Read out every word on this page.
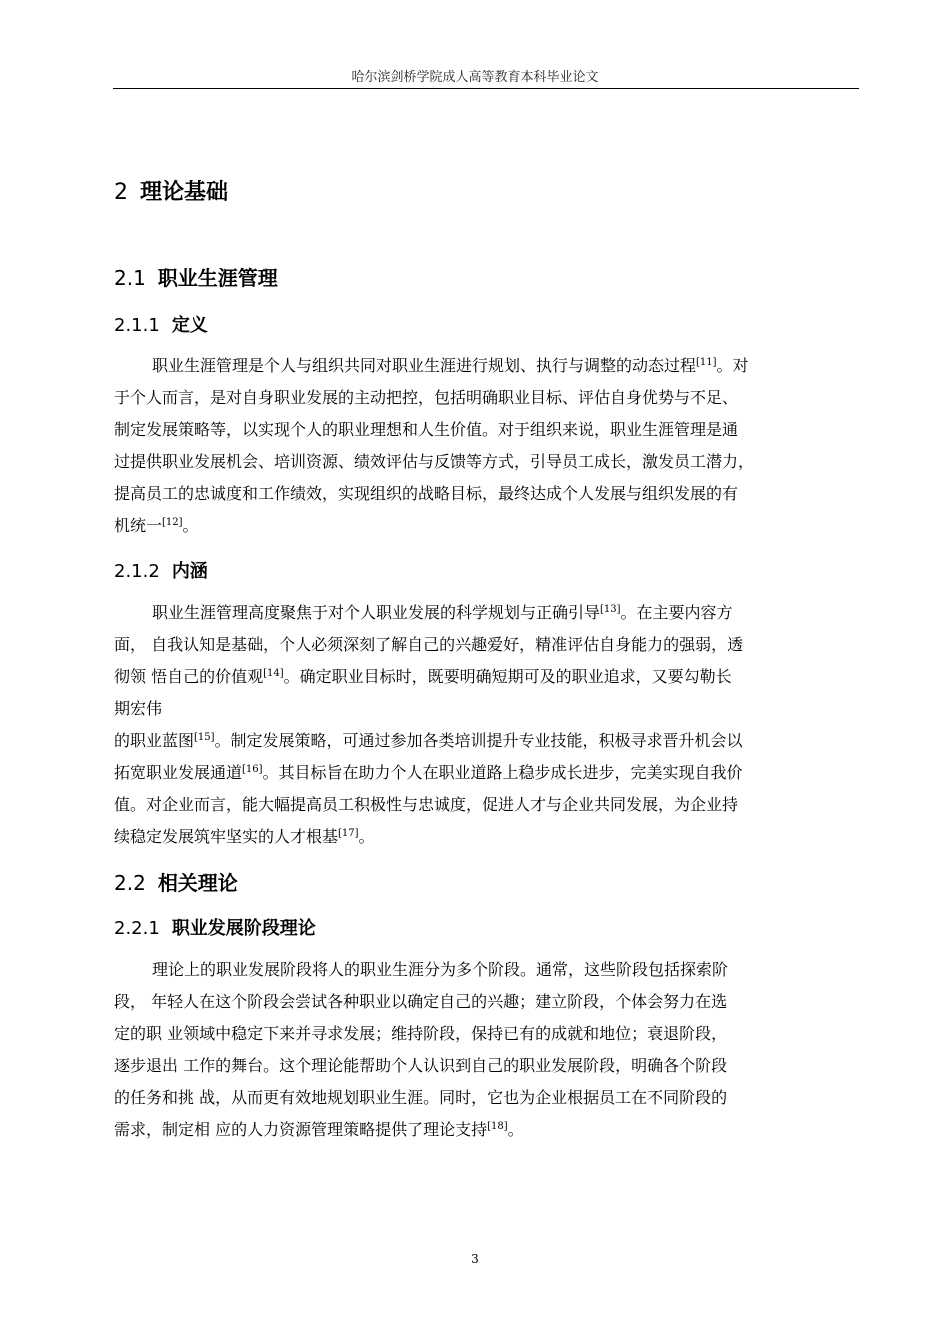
哈尔滨剑桥学院成人高等教育本科毕业论文
2 理论基础
2.1 职业生涯管理
2.1.1 定义
职业生涯管理是个人与组织共同对职业生涯进行规划、执行与调整的动态过程[11]。对
于个人而言，是对自身职业发展的主动把控，包括明确职业目标、评估自身优势与不足、
制定发展策略等，以实现个人的职业理想和人生价值。对于组织来说，职业生涯管理是通
过提供职业发展机会、培训资源、绩效评估与反馈等方式，引导员工成长，激发员工潜力，
提高员工的忠诚度和工作绩效，实现组织的战略目标，最终达成个人发展与组织发展的有
机统一[12]。
2.1.2 内涵
职业生涯管理高度聚焦于对个人职业发展的科学规划与正确引导[13]。在主要内容方
面， 自我认知是基础，个人必须深刻了解自己的兴趣爱好，精准评估自身能力的强弱，透
彻领 悟自己的价值观[14]。确定职业目标时，既要明确短期可及的职业追求，又要勾勒长
期宏伟
的职业蓝图[15]。制定发展策略，可通过参加各类培训提升专业技能，积极寻求晋升机会以
拓宽职业发展通道[16]。其目标旨在助力个人在职业道路上稳步成长进步，完美实现自我价
值。对企业而言，能大幅提高员工积极性与忠诚度，促进人才与企业共同发展，为企业持
续稳定发展筑牢坚实的人才根基[17]。
2.2 相关理论
2.2.1 职业发展阶段理论
理论上的职业发展阶段将人的职业生涯分为多个阶段。通常，这些阶段包括探索阶
段， 年轻人在这个阶段会尝试各种职业以确定自己的兴趣；建立阶段，个体会努力在选
定的职 业领域中稳定下来并寻求发展；维持阶段，保持已有的成就和地位；衰退阶段，
逐步退出 工作的舞台。这个理论能帮助个人认识到自己的职业发展阶段，明确各个阶段
的任务和挑 战，从而更有效地规划职业生涯。同时，它也为企业根据员工在不同阶段的
需求，制定相 应的人力资源管理策略提供了理论支持[18]。
3
